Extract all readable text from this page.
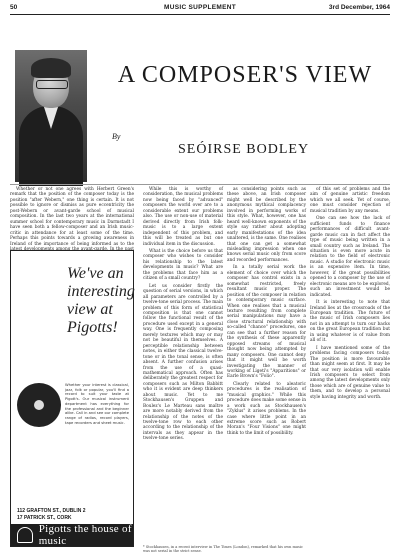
50	MUSIC SUPPLEMENT	3rd December, 1964
A COMPOSER'S VIEW
By
SEÓIRSE BODLEY

Whether or not one agrees with Herbert Green's remark that the position of the composer today is the position "after Webern," one thing is certain. It is not possible to ignore or dismiss as pure eccentricity the post-Webern or avant-garde school of musical composition. In the last two years at the international summer school for contemporary music in Darmstadt I have seen both a fellow-composer and an Irish music-critic in attendance for at least some of the time. Perhaps this points towards a growing awareness in Ireland of the importance of being informed as to the

We've an interesting view at Pigotts!
Whether your interest is classical, jazz, folk or popular, you'll find a record to suit your taste at Pigott's. Our musical instrument department has everything for the professional and the beginner alike. Call in and see our complete range of radios, record players, tape recorders and sheet music.
112 GRAFTON ST., DUBLIN 2
17 PATRICK ST., CORK
Pigotts the house of music

While this is worthy of consideration, the musical problems now being faced by "advanced" composers the world over are to a considerable extent our problems also. The use or non-use of material derived directly from Irish folk-music is to a large extent independent of this problem, and this will be treated as but one individual item in the discussion.

What is the choice before us that composer who wishes to consider his relationship to the latest developments in music? What are the problems that face him as a citizen of a small country?

Let us consider firstly the question of serial versions, in which all parameters are controlled by a twelve-tone serial process. The main problem of this form of statistical composition is that one cannot follow the functional result of the procedure used except in a general way. One is frequently composing merely textures which may or may not be beautiful in themselves. A perceptible relationship between notes, in either the classical twelve-tone or in the tonal sense, is often absent. A further confusion arises from the use of a quasi-mathematical approach. Often has deliberately the greatest respect for composers such as Milton Babbitt who it is evident are deep thinkers about music. Yet to me Stockhausen's Gruppen and Boulez's Le Marteau sans maître are more notably derived from the relationship of the notes of the twelve-tone row to each other according to the relationship of the intervals as they appear in the twelve-tone series.

as considering points such as these above, an Irish composer might well be described by the anonymous mythical complacency involved in performing works of this style. What, however, one has heard well-known exponents of the style say rather about adopting early manifestations of the idea unaltered, is the same. One realises that one can get a somewhat misleading impression when one knows serial music only from score and recorded performances.

In a totally serial work the element of choice over which the composer has control exists in a somewhat restricted, freely resultant music proper. The position of the composer in relation to contemporary music surface. When one realises that a musical texture resulting from complete serial manipulations may have a close structural relationship with so-called "chance" procedures, one can see that a further reason for the synthesis of these apparently opposed streams of musical thought now being attempted by many composers. One cannot deny that it might well be worth investigating the manner of working of Ligeti's "Apparitions" or Earle Brown's "Folio".

Clearly related to aleatoric procedures is the realisation of "musical graphics." While this procedure does make some sense in a work such as Stockhausen's "Zyklus" it arises problems. In the case where little point in an extreme score such as Robert Moran's "Four Visions" one might think to the limit of possibility.

of this set of problems and the aim of genuine artistic freedom which we all seek. Yet of course, one must consider rejection of musical tradition by any means.

One can see how the lack of sufficient funds to finance performances of difficult avant-garde music can in fact affect the type of music being written in a small country such as Ireland. The situation is even more acute in relation to the field of electronic music. A studio for electronic music is an expensive item. In time, however, if the great possibilities opened to a composer by the use of electronic means are to be explored, such an investment would be indicated.

It is interesting to note that Ireland lies at the crossroads of the European tradition. The future of the music of Irish composers lies not in an attempt to turn our backs on the great European tradition but in using whatever is of value from all of it.

I have mentioned some of the problems facing composers today. The position is more favourable than might seem at first. It may be that our very isolation will enable Irish composers to select from among the latest developments only those which are of genuine value to them, and to develop a personal style having integrity and worth.

* Stockhausen, in a recent interview in The Times (London), remarked that his own music was not serial in the strict sense.
